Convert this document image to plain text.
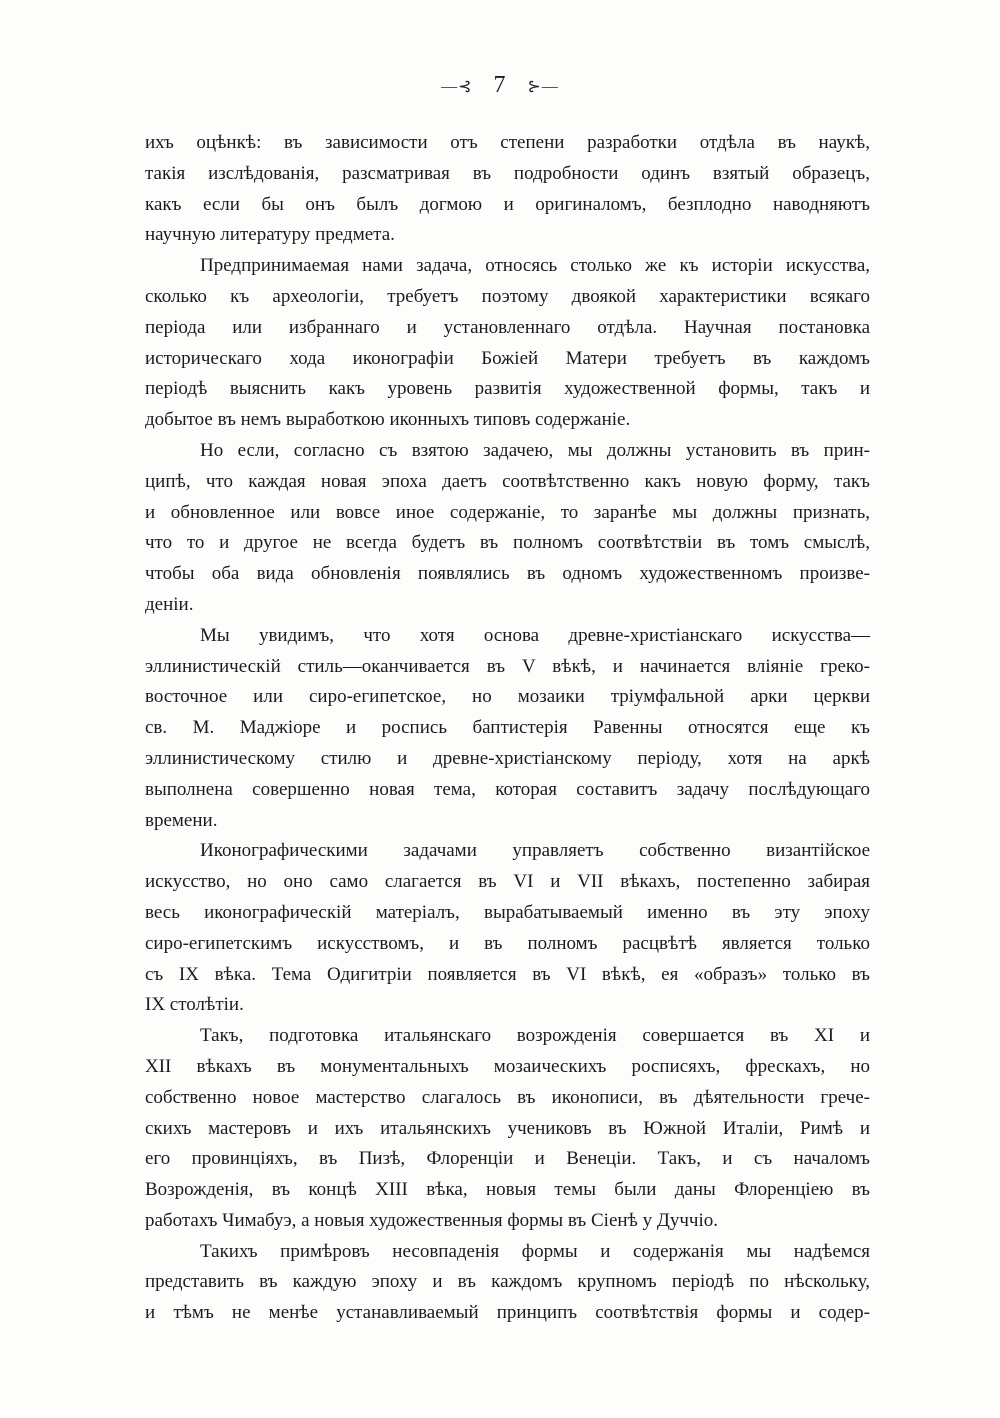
—⊰ 7 ⊱—
ихъ оцѣнкѣ: въ зависимости отъ степени разработки отдѣла въ наукѣ,
такія изслѣдованія, разсматривая въ подробности одинъ взятый образецъ,
какъ если бы онъ былъ догмою и оригиналомъ, безплодно наводняютъ
научную литературу предмета.
Предпринимаемая нами задача, относясь столько же къ исторіи искусства,
сколько къ археологіи, требуетъ поэтому двоякой характеристики всякаго
періода или избраннаго и установленнаго отдѣла. Научная постановка
историческаго хода иконографіи Божіей Матери требуетъ въ каждомъ
періодѣ выяснить какъ уровень развитія художественной формы, такъ и
добытое въ немъ выработкою иконныхъ типовъ содержаніе.
Но если, согласно съ взятою задачею, мы должны установить въ прин-
ципѣ, что каждая новая эпоха даетъ соотвѣтственно какъ новую форму, такъ
и обновленное или вовсе иное содержаніе, то заранѣе мы должны признать,
что то и другое не всегда будетъ въ полномъ соотвѣтствіи въ томъ смыслѣ,
чтобы оба вида обновленія появлялись въ одномъ художественномъ произве-
деніи.
Мы увидимъ, что хотя основа древне-христіанскаго искусства—
эллинистическій стиль—оканчивается въ V вѣкѣ, и начинается вліяніе греко-
восточное или сиро-египетское, но мозаики тріумфальной арки церкви
св. М. Маджіоре и роспись баптистерія Равенны относятся еще къ
эллинистическому стилю и древне-христіанскому періоду, хотя на аркѣ
выполнена совершенно новая тема, которая составитъ задачу послѣдующаго
времени.
Иконографическими задачами управляетъ собственно византійское
искусство, но оно само слагается въ VI и VII вѣкахъ, постепенно забирая
весь иконографическій матеріалъ, вырабатываемый именно въ эту эпоху
сиро-египетскимъ искусствомъ, и въ полномъ расцвѣтѣ является только
съ IX вѣка. Тема Одигитріи появляется въ VI вѣкѣ, ея «образъ» только въ
IX столѣтіи.
Такъ, подготовка итальянскаго возрожденія совершается въ XI и
XII вѣкахъ въ монументальныхъ мозаическихъ росписяхъ, фрескахъ, но
собственно новое мастерство слагалось въ иконописи, въ дѣятельности грече-
скихъ мастеровъ и ихъ итальянскихъ учениковъ въ Южной Италіи, Римѣ и
его провинціяхъ, въ Пизѣ, Флоренціи и Венеціи. Такъ, и съ началомъ
Возрожденія, въ концѣ XIII вѣка, новыя темы были даны Флоренціею въ
работахъ Чимабуэ, а новыя художественныя формы въ Сіенѣ у Дуччіо.
Такихъ примѣровъ несовпаденія формы и содержанія мы надѣемся
представить въ каждую эпоху и въ каждомъ крупномъ періодѣ по нѣскольку,
и тѣмъ не менѣе устанавливаемый принципъ соотвѣтствія формы и содер-
